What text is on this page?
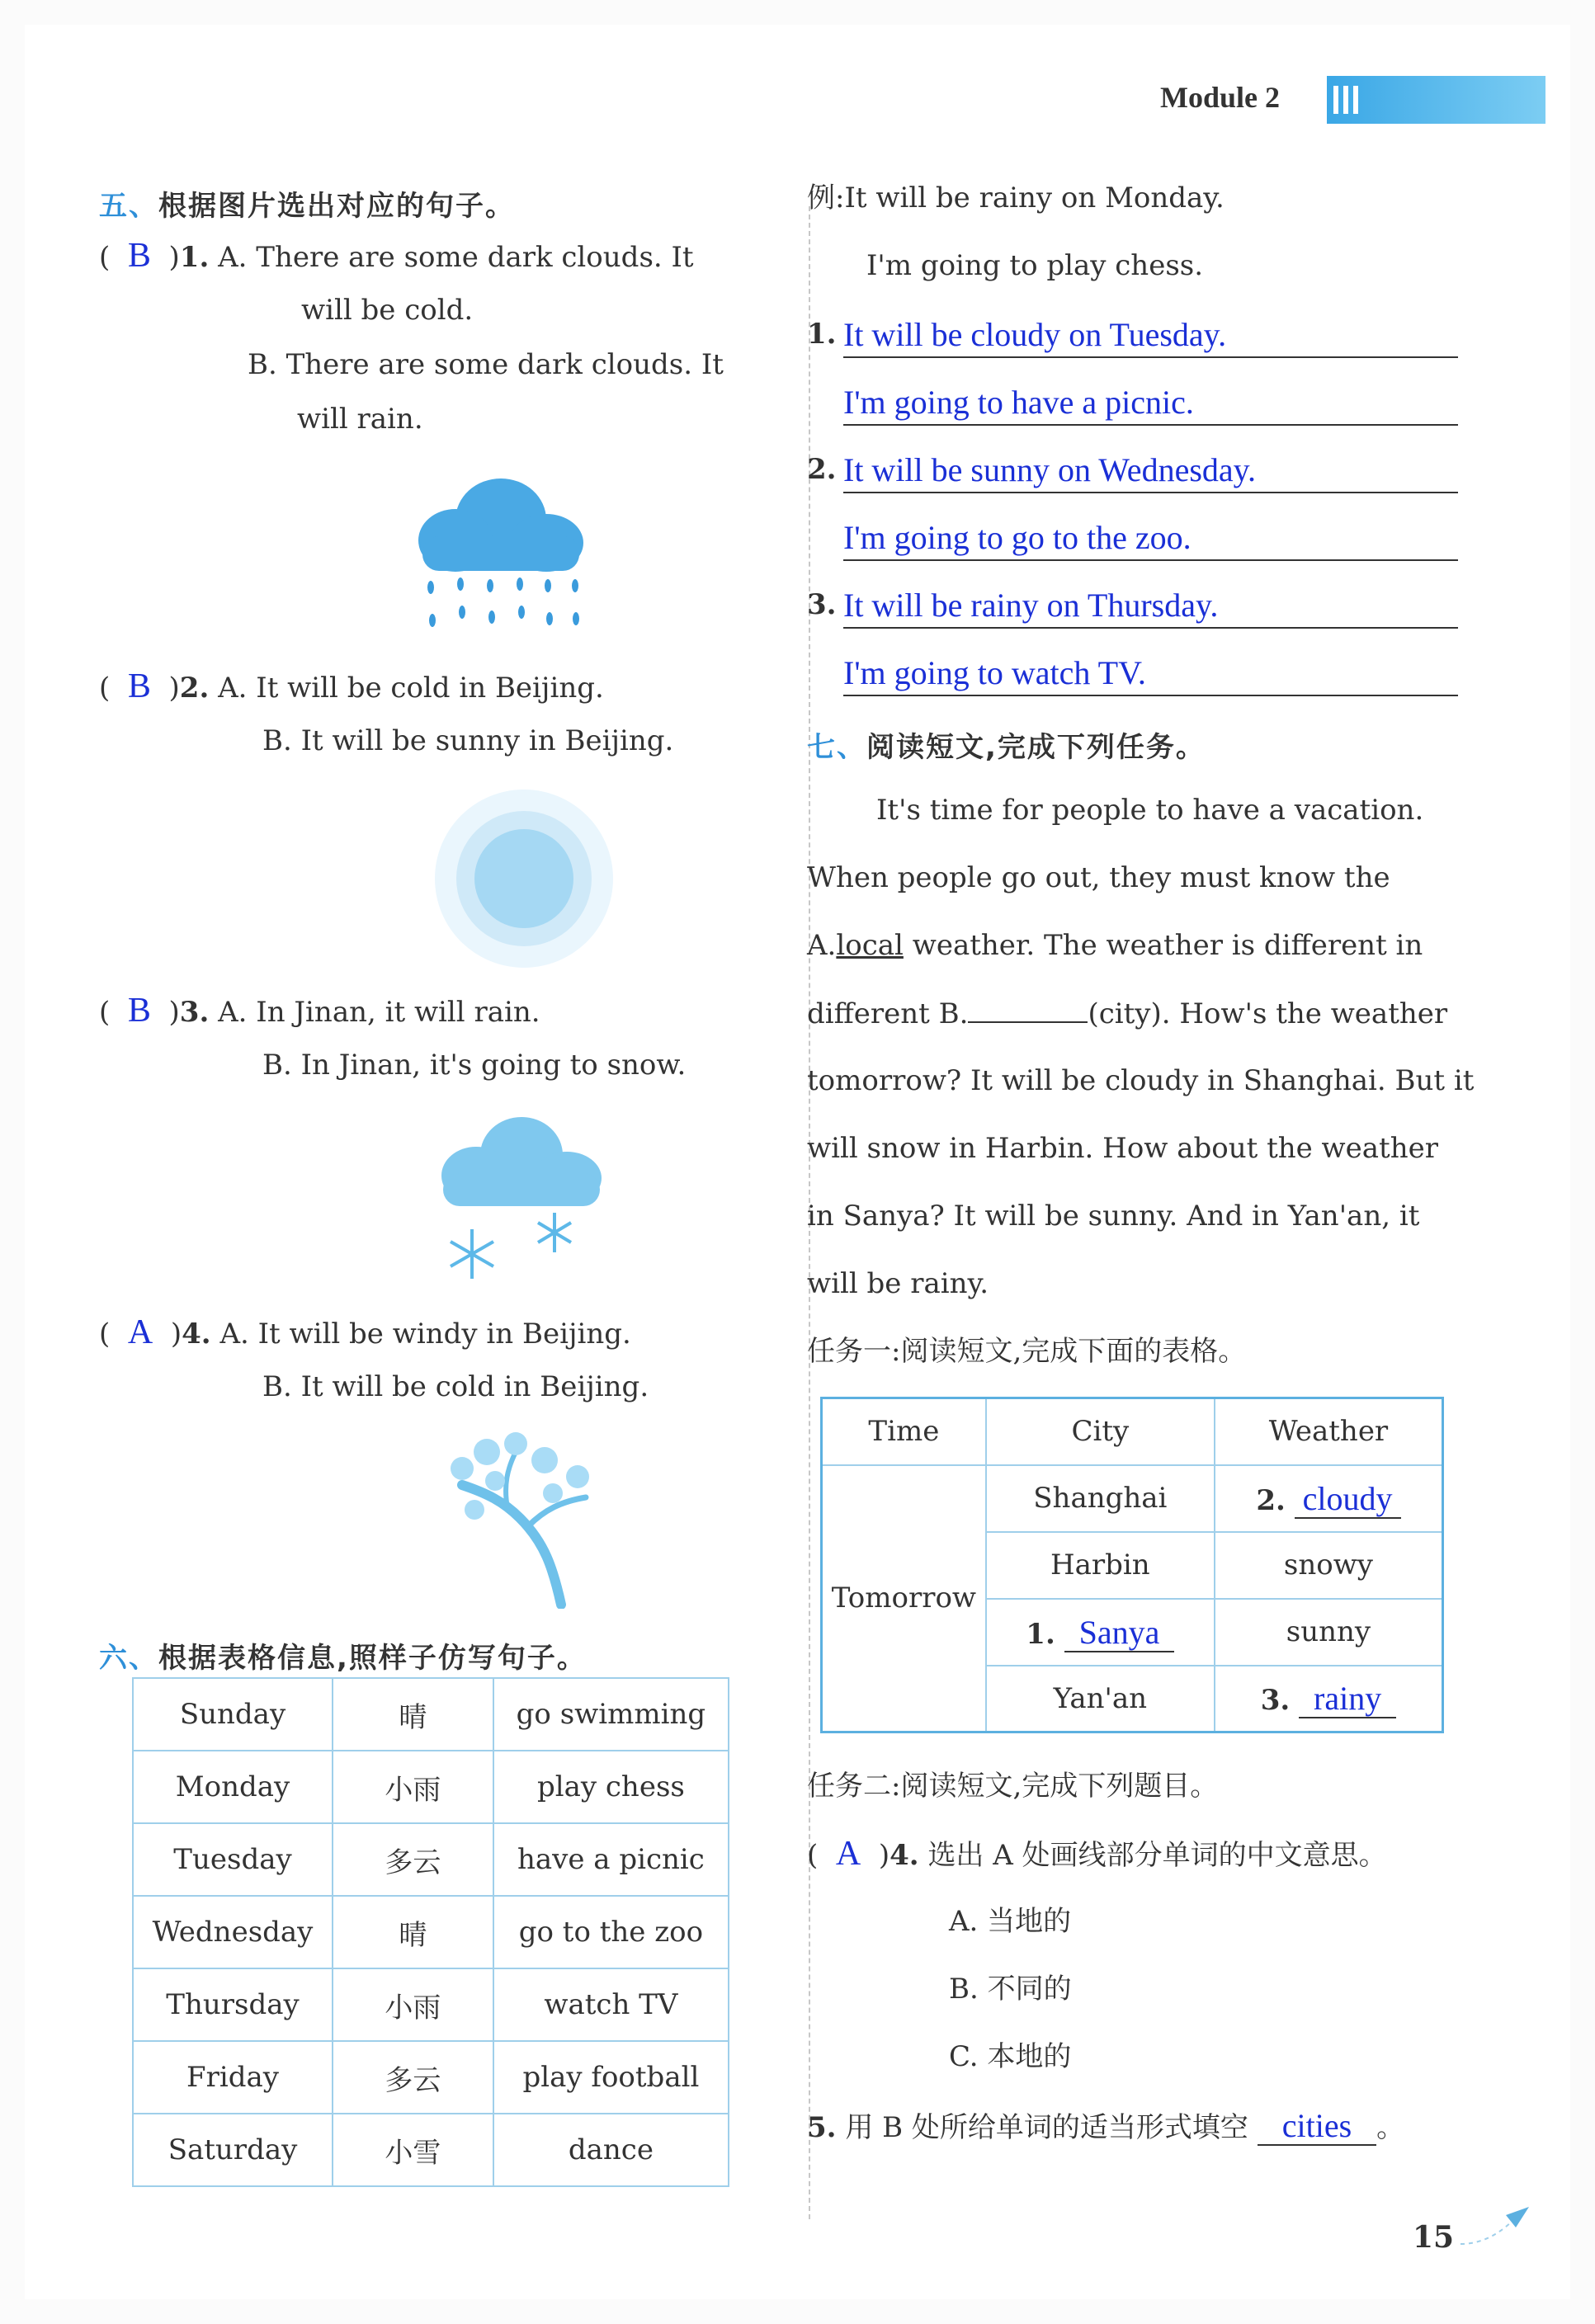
Module 2
五、根据图片选出对应的句子。
(  B  )1. A. There are some dark clouds. It
will be cold.
B. There are some dark clouds. It
will rain.
(  B  )2. A. It will be cold in Beijing.
B. It will be sunny in Beijing.
(  B  )3. A. In Jinan, it will rain.
B. In Jinan, it's going to snow.
(  A  )4. A. It will be windy in Beijing.
B. It will be cold in Beijing.
六、根据表格信息,照样子仿写句子。
Sunday	晴	go swimming
Monday	小雨	play chess
Tuesday	多云	have a picnic
Wednesday	晴	go to the zoo
Thursday	小雨	watch TV
Friday	多云	play football
Saturday	小雪	dance
例:It will be rainy on Monday.
I'm going to play chess.
1. It will be cloudy on Tuesday.
I'm going to have a picnic.
2. It will be sunny on Wednesday.
I'm going to go to the zoo.
3. It will be rainy on Thursday.
I'm going to watch TV.
七、阅读短文,完成下列任务。
It's time for people to have a vacation.
When people go out, they must know the
A.local weather. The weather is different in
different B.	(city). How's the weather
tomorrow? It will be cloudy in Shanghai. But it
will snow in Harbin. How about the weather
in Sanya? It will be sunny. And in Yan'an, it
will be rainy.
任务一:阅读短文,完成下面的表格。
Time	City	Weather
Tomorrow	Shanghai	2. cloudy
	Harbin	snowy
	1. Sanya	sunny
	Yan'an	3. rainy
任务二:阅读短文,完成下列题目。
(  A  )4. 选出 A 处画线部分单词的中文意思。
A. 当地的
B. 不同的
C. 本地的
5. 用 B 处所给单词的适当形式填空 cities 。
15
